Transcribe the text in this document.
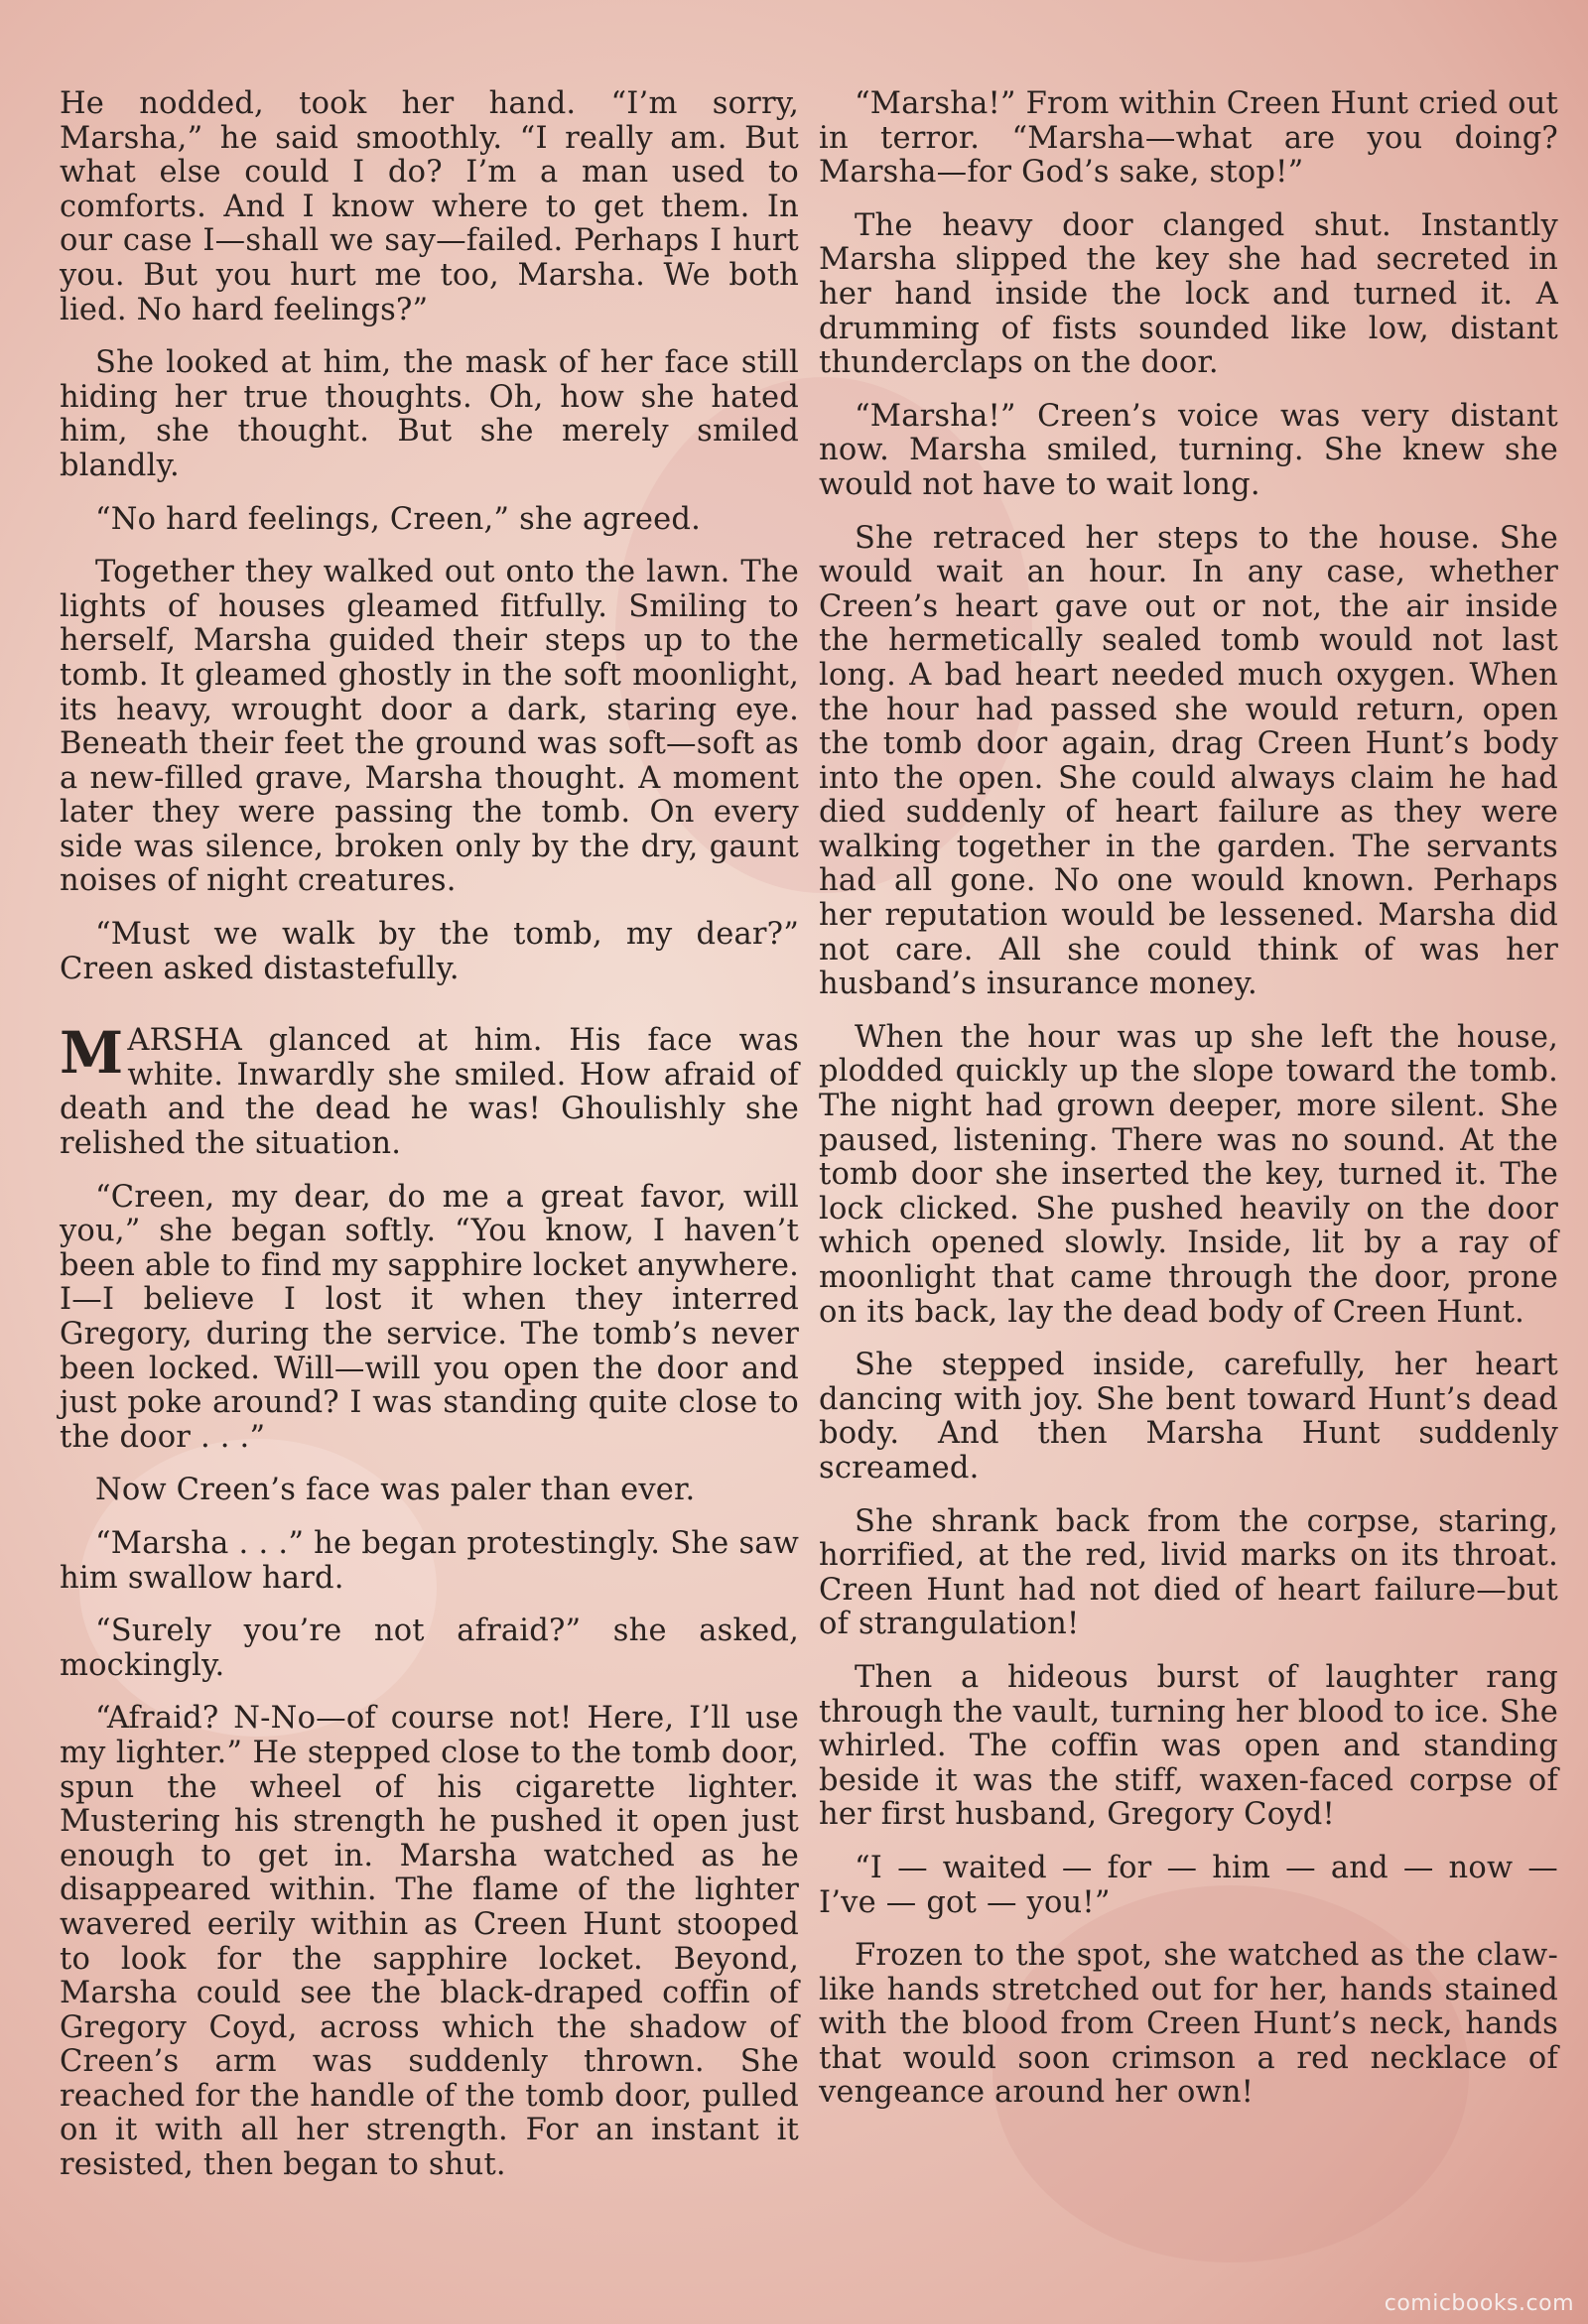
He nodded, took her hand. “I’m sorry, Marsha,” he said smoothly. “I really am. But what else could I do? I’m a man used to comforts. And I know where to get them. In our case I—shall we say—failed. Perhaps I hurt you. But you hurt me too, Marsha. We both lied. No hard feelings?”

She looked at him, the mask of her face still hiding her true thoughts. Oh, how she hated him, she thought. But she merely smiled blandly.

“No hard feelings, Creen,” she agreed.

Together they walked out onto the lawn. The lights of houses gleamed fitfully. Smiling to herself, Marsha guided their steps up to the tomb. It gleamed ghostly in the soft moonlight, its heavy, wrought door a dark, staring eye. Beneath their feet the ground was soft—soft as a new-filled grave, Marsha thought. A moment later they were passing the tomb. On every side was silence, broken only by the dry, gaunt noises of night creatures.

“Must we walk by the tomb, my dear?” Creen asked distastefully.

MARSHA glanced at him. His face was white. Inwardly she smiled. How afraid of death and the dead he was! Ghoulishly she relished the situation.

“Creen, my dear, do me a great favor, will you,” she began softly. “You know, I haven’t been able to find my sapphire locket anywhere. I—I believe I lost it when they interred Gregory, during the service. The tomb’s never been locked. Will—will you open the door and just poke around? I was standing quite close to the door . . .”

Now Creen’s face was paler than ever.

“Marsha . . .” he began protestingly. She saw him swallow hard.

“Surely you’re not afraid?” she asked, mockingly.

“Afraid? N-No—of course not! Here, I’ll use my lighter.” He stepped close to the tomb door, spun the wheel of his cigarette lighter. Mustering his strength he pushed it open just enough to get in. Marsha watched as he disappeared within. The flame of the lighter wavered eerily within as Creen Hunt stooped to look for the sapphire locket. Beyond, Marsha could see the black-draped coffin of Gregory Coyd, across which the shadow of Creen’s arm was suddenly thrown. She reached for the handle of the tomb door, pulled on it with all her strength. For an instant it resisted, then began to shut.

“Marsha!” From within Creen Hunt cried out in terror. “Marsha—what are you doing? Marsha—for God’s sake, stop!”

The heavy door clanged shut. Instantly Marsha slipped the key she had secreted in her hand inside the lock and turned it. A drumming of fists sounded like low, distant thunderclaps on the door.

“Marsha!” Creen’s voice was very distant now. Marsha smiled, turning. She knew she would not have to wait long.

She retraced her steps to the house. She would wait an hour. In any case, whether Creen’s heart gave out or not, the air inside the hermetically sealed tomb would not last long. A bad heart needed much oxygen. When the hour had passed she would return, open the tomb door again, drag Creen Hunt’s body into the open. She could always claim he had died suddenly of heart failure as they were walking together in the garden. The servants had all gone. No one would known. Perhaps her reputation would be lessened. Marsha did not care. All she could think of was her husband’s insurance money.

When the hour was up she left the house, plodded quickly up the slope toward the tomb. The night had grown deeper, more silent. She paused, listening. There was no sound. At the tomb door she inserted the key, turned it. The lock clicked. She pushed heavily on the door which opened slowly. Inside, lit by a ray of moonlight that came through the door, prone on its back, lay the dead body of Creen Hunt.

She stepped inside, carefully, her heart dancing with joy. She bent toward Hunt’s dead body. And then Marsha Hunt suddenly screamed.

She shrank back from the corpse, staring, horrified, at the red, livid marks on its throat. Creen Hunt had not died of heart failure—but of strangulation!

Then a hideous burst of laughter rang through the vault, turning her blood to ice. She whirled. The coffin was open and standing beside it was the stiff, waxen-faced corpse of her first husband, Gregory Coyd!

“I — waited — for — him — and — now — I’ve — got — you!”

Frozen to the spot, she watched as the claw-like hands stretched out for her, hands stained with the blood from Creen Hunt’s neck, hands that would soon crimson a red necklace of vengeance around her own!

comicbooks.com
